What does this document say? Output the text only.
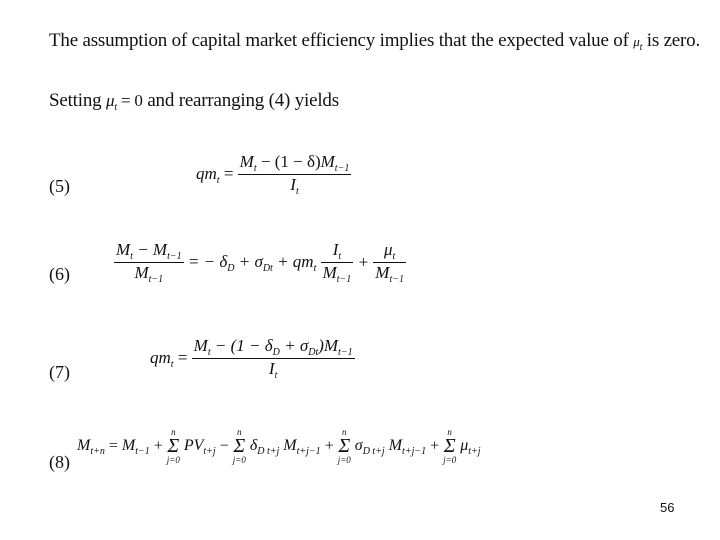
The assumption of capital market efficiency implies that the expected value of $\mu_t$ is zero.
Setting $\mu_t = 0$ and rearranging (4) yields
(5)
$qm_t = \frac{M_t - (1 - \delta)M_{t-1}}{I_t}$
(6)	$\frac{M_t - M_{t-1}}{M_{t-1}}$ = − $\delta_D + \sigma_{Dt} + qm_t \frac{I_t}{M_{t-1}} + \frac{\mu_t}{M_{t-1}}$
(7)
$qm_t = \frac{M_t - (1 - \delta_D + \sigma_{Dt})M_{t-1}}{I_t}$
(8)
$M_{t+n} = M_{t-1}$ +
n
Σ
j=0
$PV_{t+j}$ −
n
Σ
j=0
$\delta_{D t+j}$ $M_{t+j-1}$ +
n
Σ
j=0
$\sigma_{D t+j}$ $M_{t+j-1}$ +
n
Σ
j=0
$\mu_{t+j}$
56
